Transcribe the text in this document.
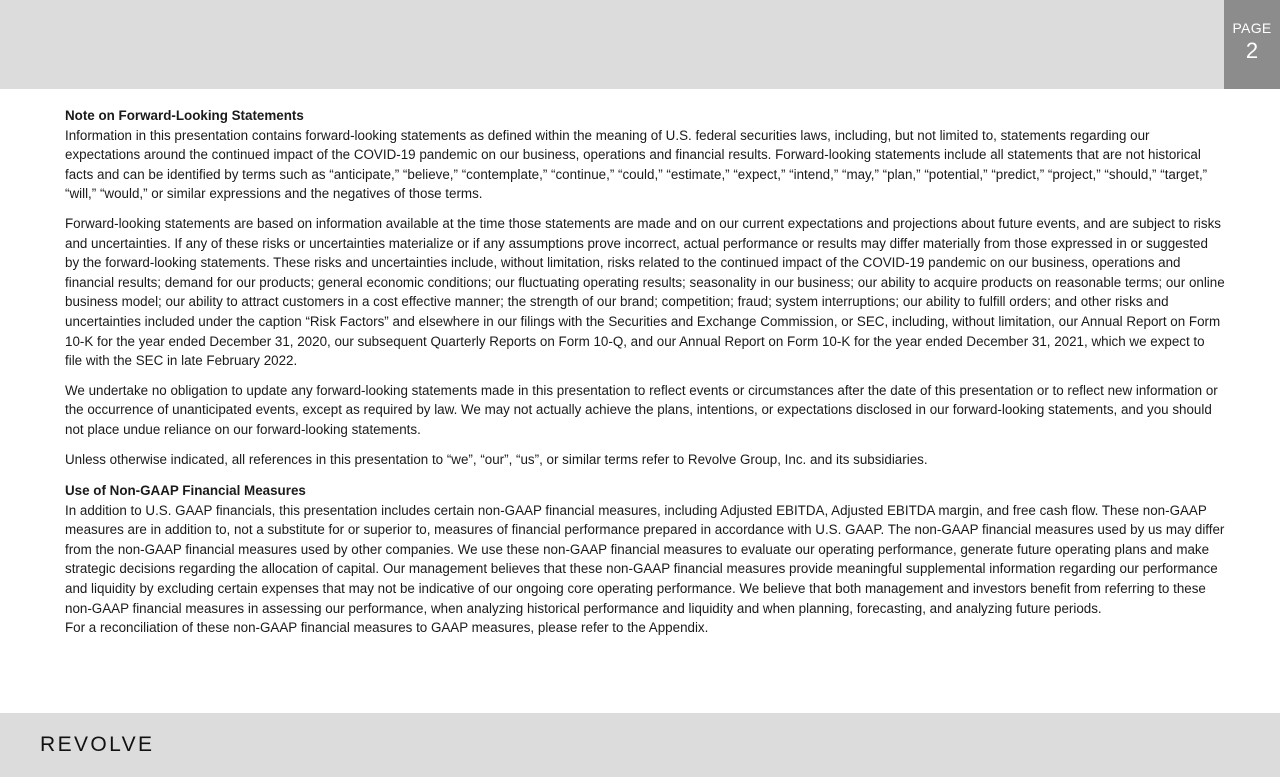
PAGE
2

Note on Forward-Looking Statements

Information in this presentation contains forward-looking statements as defined within the meaning of U.S. federal securities laws, including, but not limited to, statements regarding our expectations around the continued impact of the COVID-19 pandemic on our business, operations and financial results. Forward-looking statements include all statements that are not historical facts and can be identified by terms such as “anticipate,” “believe,” “contemplate,” “continue,” “could,” “estimate,” “expect,” “intend,” “may,” “plan,” “potential,” “predict,” “project,” “should,” “target,” “will,” “would,” or similar expressions and the negatives of those terms.

Forward-looking statements are based on information available at the time those statements are made and on our current expectations and projections about future events, and are subject to risks and uncertainties. If any of these risks or uncertainties materialize or if any assumptions prove incorrect, actual performance or results may differ materially from those expressed in or suggested by the forward-looking statements. These risks and uncertainties include, without limitation, risks related to the continued impact of the COVID-19 pandemic on our business, operations and financial results; demand for our products; general economic conditions; our fluctuating operating results; seasonality in our business; our ability to acquire products on reasonable terms; our online business model; our ability to attract customers in a cost effective manner; the strength of our brand; competition; fraud; system interruptions; our ability to fulfill orders; and other risks and uncertainties included under the caption “Risk Factors” and elsewhere in our filings with the Securities and Exchange Commission, or SEC, including, without limitation, our Annual Report on Form 10-K for the year ended December 31, 2020, our subsequent Quarterly Reports on Form 10-Q, and our Annual Report on Form 10-K for the year ended December 31, 2021, which we expect to file with the SEC in late February 2022.

We undertake no obligation to update any forward-looking statements made in this presentation to reflect events or circumstances after the date of this presentation or to reflect new information or the occurrence of unanticipated events, except as required by law. We may not actually achieve the plans, intentions, or expectations disclosed in our forward-looking statements, and you should not place undue reliance on our forward-looking statements.

Unless otherwise indicated, all references in this presentation to “we”, “our”, “us”, or similar terms refer to Revolve Group, Inc. and its subsidiaries.

Use of Non-GAAP Financial Measures

In addition to U.S. GAAP financials, this presentation includes certain non-GAAP financial measures, including Adjusted EBITDA, Adjusted EBITDA margin, and free cash flow. These non-GAAP measures are in addition to, not a substitute for or superior to, measures of financial performance prepared in accordance with U.S. GAAP. The non-GAAP financial measures used by us may differ from the non-GAAP financial measures used by other companies. We use these non-GAAP financial measures to evaluate our operating performance, generate future operating plans and make strategic decisions regarding the allocation of capital. Our management believes that these non-GAAP financial measures provide meaningful supplemental information regarding our performance and liquidity by excluding certain expenses that may not be indicative of our ongoing core operating performance. We believe that both management and investors benefit from referring to these non-GAAP financial measures in assessing our performance, when analyzing historical performance and liquidity and when planning, forecasting, and analyzing future periods.

For a reconciliation of these non-GAAP financial measures to GAAP measures, please refer to the Appendix.

REVOLVE
